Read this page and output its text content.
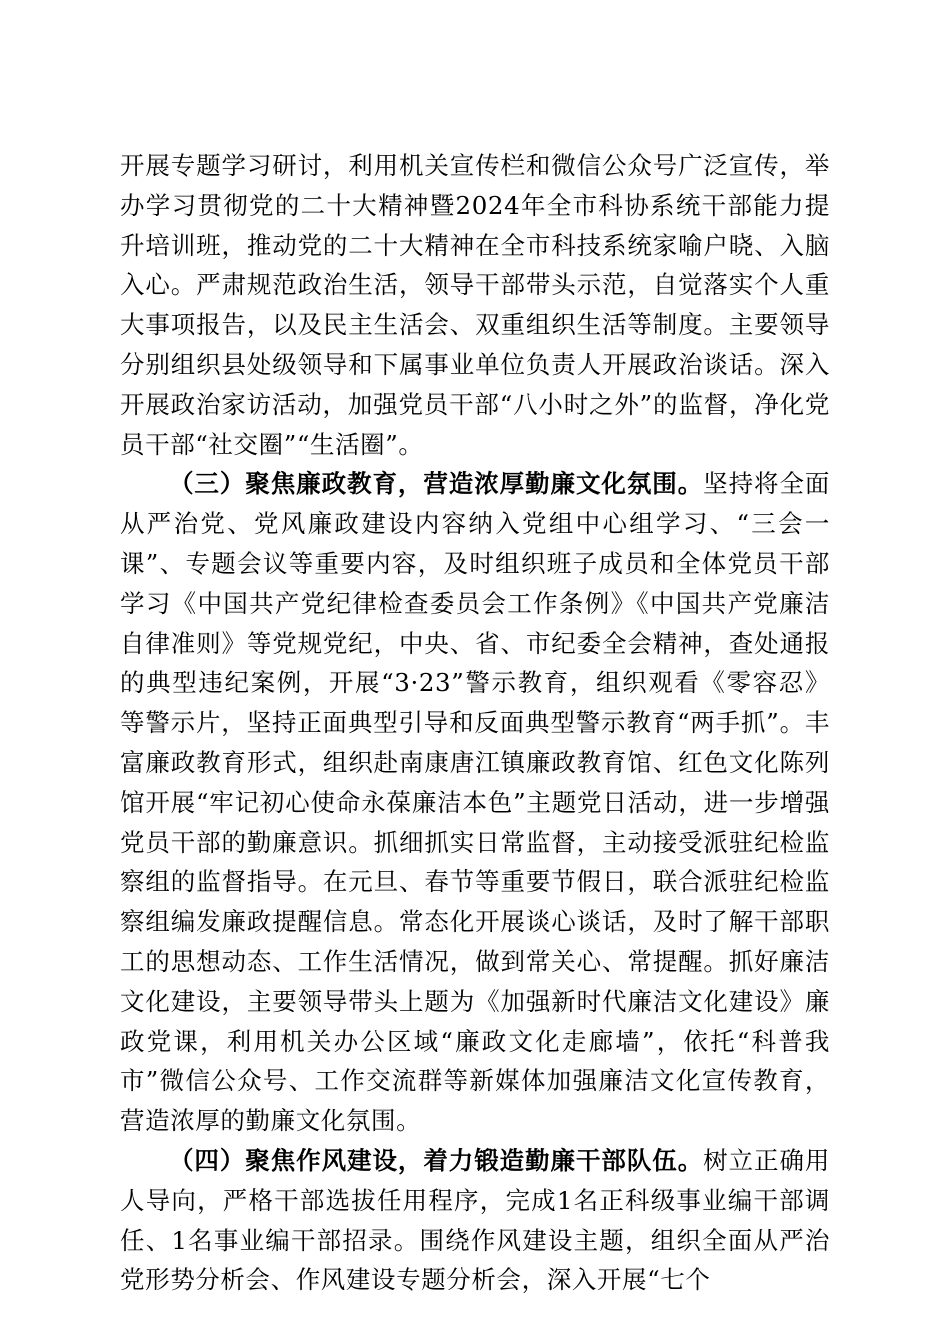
开展专题学习研讨，利用机关宣传栏和微信公众号广泛宣传，举办学习贯彻党的二十大精神暨2024年全市科协系统干部能力提升培训班，推动党的二十大精神在全市科技系统家喻户晓、入脑入心。严肃规范政治生活，领导干部带头示范，自觉落实个人重大事项报告，以及民主生活会、双重组织生活等制度。主要领导分别组织县处级领导和下属事业单位负责人开展政治谈话。深入开展政治家访活动，加强党员干部“八小时之外”的监督，净化党员干部“社交圈”“生活圈”。

（三）聚焦廉政教育，营造浓厚勤廉文化氛围。坚持将全面从严治党、党风廉政建设内容纳入党组中心组学习、“三会一课”、专题会议等重要内容，及时组织班子成员和全体党员干部学习《中国共产党纪律检查委员会工作条例》《中国共产党廉洁自律准则》等党规党纪，中央、省、市纪委全会精神，查处通报的典型违纪案例，开展“3·23”警示教育，组织观看《零容忍》等警示片，坚持正面典型引导和反面典型警示教育“两手抓”。丰富廉政教育形式，组织赴南康唐江镇廉政教育馆、红色文化陈列馆开展“牢记初心使命永葆廉洁本色”主题党日活动，进一步增强党员干部的勤廉意识。抓细抓实日常监督，主动接受派驻纪检监察组的监督指导。在元旦、春节等重要节假日，联合派驻纪检监察组编发廉政提醒信息。常态化开展谈心谈话，及时了解干部职工的思想动态、工作生活情况，做到常关心、常提醒。抓好廉洁文化建设，主要领导带头上题为《加强新时代廉洁文化建设》廉政党课，利用机关办公区域“廉政文化走廊墙”，依托“科普我市”微信公众号、工作交流群等新媒体加强廉洁文化宣传教育，营造浓厚的勤廉文化氛围。

（四）聚焦作风建设，着力锻造勤廉干部队伍。树立正确用人导向，严格干部选拔任用程序，完成1名正科级事业编干部调任、1名事业编干部招录。围绕作风建设主题，组织全面从严治党形势分析会、作风建设专题分析会，深入开展“七个
